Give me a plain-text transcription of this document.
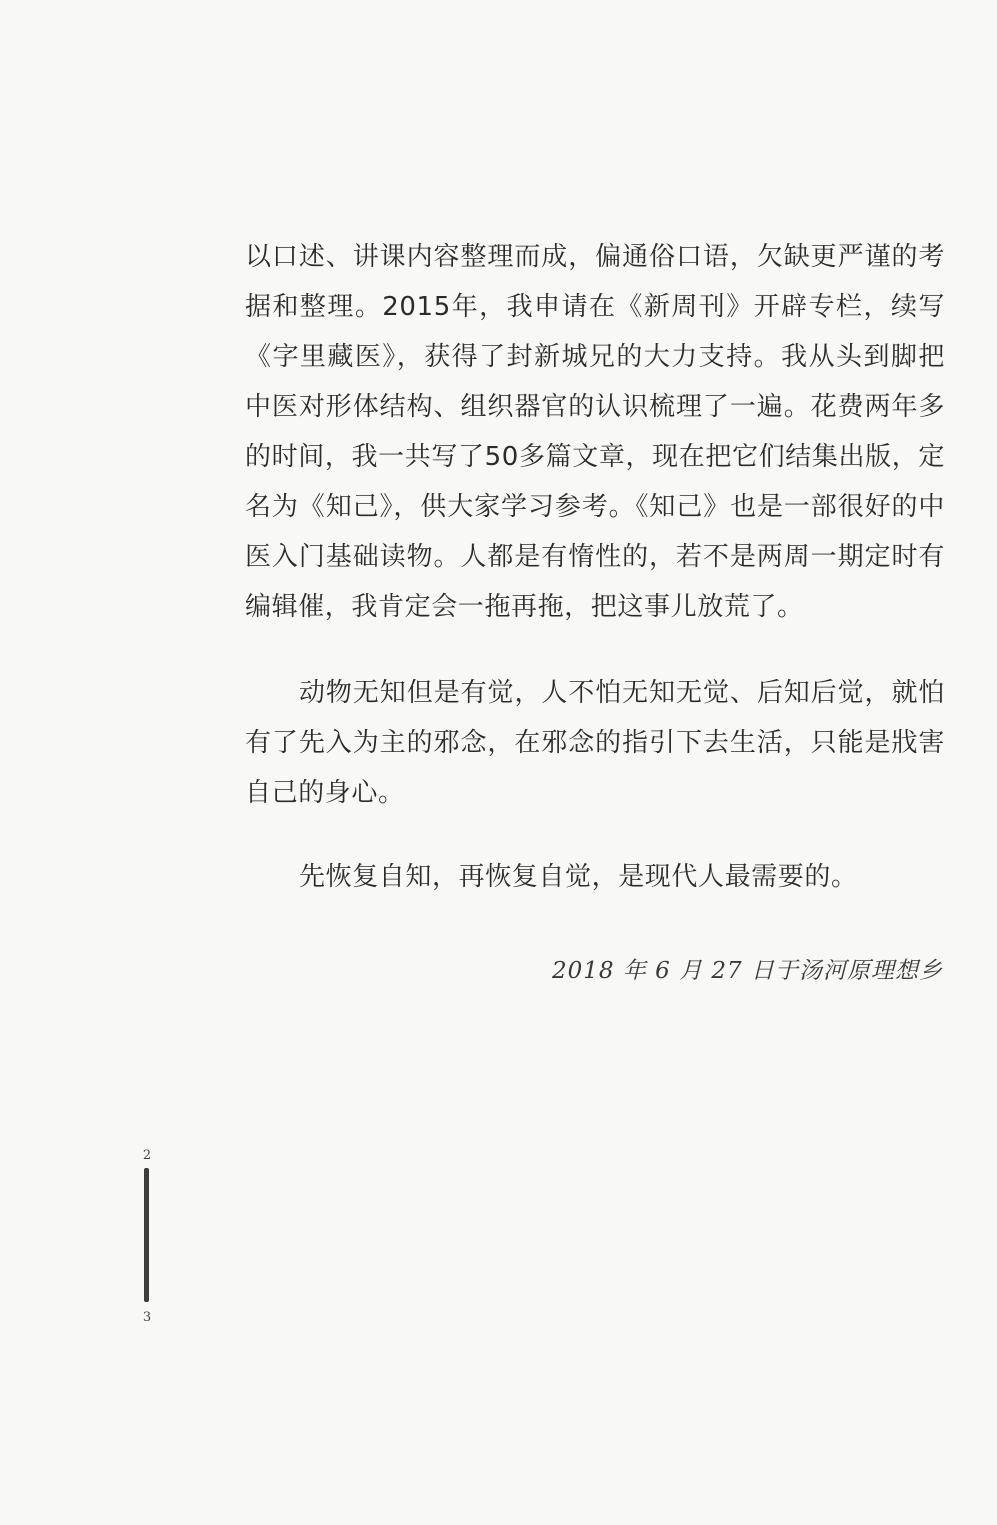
以口述、讲课内容整理而成，偏通俗口语，欠缺更严谨的考据和整理。2015年，我申请在《新周刊》开辟专栏，续写《字里藏医》，获得了封新城兄的大力支持。我从头到脚把中医对形体结构、组织器官的认识梳理了一遍。花费两年多的时间，我一共写了50多篇文章，现在把它们结集出版，定名为《知己》，供大家学习参考。《知己》也是一部很好的中医入门基础读物。人都是有惰性的，若不是两周一期定时有编辑催，我肯定会一拖再拖，把这事儿放荒了。

动物无知但是有觉，人不怕无知无觉、后知后觉，就怕有了先入为主的邪念，在邪念的指引下去生活，只能是戕害自己的身心。

先恢复自知，再恢复自觉，是现代人最需要的。

2018 年 6 月 27 日于汤河原理想乡
2
3
